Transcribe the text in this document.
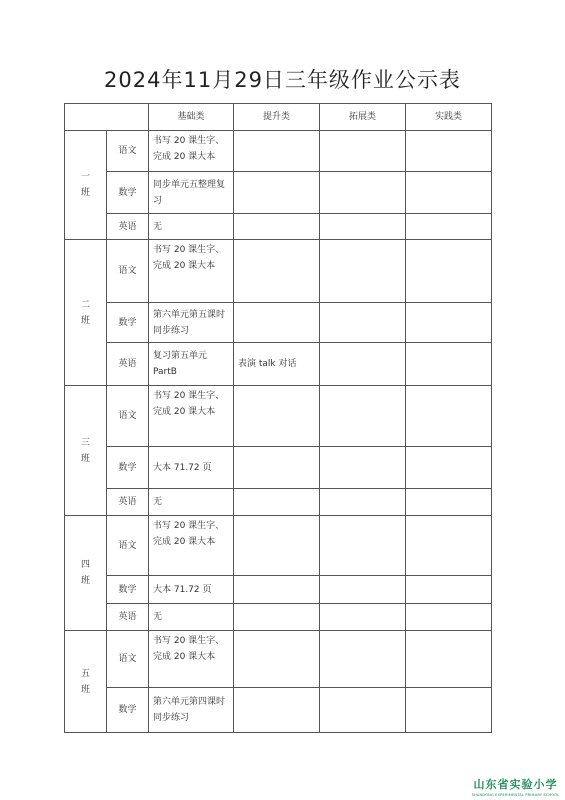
2024年11月29日三年级作业公示表
		基础类	提升类	拓展类	实践类

一
班	语文	书写 20 课生字、完成 20 课大本			
	数学	同步单元五整理复习			
	英语	无			

二
班	语文	书写 20 课生字、完成 20 课大本			
	数学	第六单元第五课时同步练习			
	英语	复习第五单元PartB	表演 talk 对话		

三
班	语文	书写 20 课生字、完成 20 课大本			
	数学	大本 71.72 页			
	英语	无			

四
班	语文	书写 20 课生字、完成 20 课大本			
	数学	大本 71.72 页			
	英语	无			

五
班	语文	书写 20 课生字、完成 20 课大本			
	数学	第六单元第四课时同步练习			
山东省实验小学
SHANDONG EXPERIMENTAL PRIMARY SCHOOL
